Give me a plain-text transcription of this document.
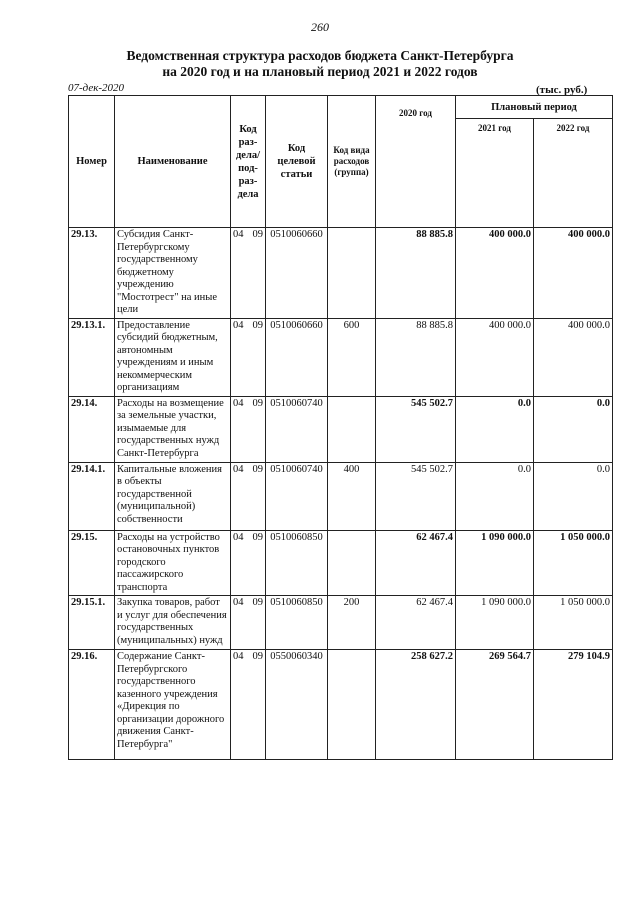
260
Ведомственная структура расходов бюджета Санкт-Петербурга
на 2020 год и на плановый период 2021 и 2022 годов
07-дек-2020	(тыс. руб.)
Номер	Наименование	Код раз-дела/ под-раз-дела	Код целевой статьи	Код вида расходов (группа)	2020 год	Плановый период	
						2021 год	2022 год
29.13.	Субсидия Санкт-Петербургскому государственному бюджетному учреждению "Мостотрест" на иные цели	04 09	0510060660		88 885.8	400 000.0	400 000.0
29.13.1.	Предоставление субсидий бюджетным, автономным учреждениям и иным некоммерческим организациям	04 09	0510060660	600	88 885.8	400 000.0	400 000.0
29.14.	Расходы на возмещение за земельные участки, изымаемые для государственных нужд Санкт-Петербурга	04 09	0510060740		545 502.7	0.0	0.0
29.14.1.	Капитальные вложения в объекты государственной (муниципальной) собственности	04 09	0510060740	400	545 502.7	0.0	0.0
29.15.	Расходы на устройство остановочных пунктов городского пассажирского транспорта	04 09	0510060850		62 467.4	1 090 000.0	1 050 000.0
29.15.1.	Закупка товаров, работ и услуг для обеспечения государственных (муниципальных) нужд	04 09	0510060850	200	62 467.4	1 090 000.0	1 050 000.0
29.16.	Содержание Санкт-Петербургского государственного казенного учреждения «Дирекция по организации дорожного движения Санкт-Петербурга"	04 09	0550060340		258 627.2	269 564.7	279 104.9
